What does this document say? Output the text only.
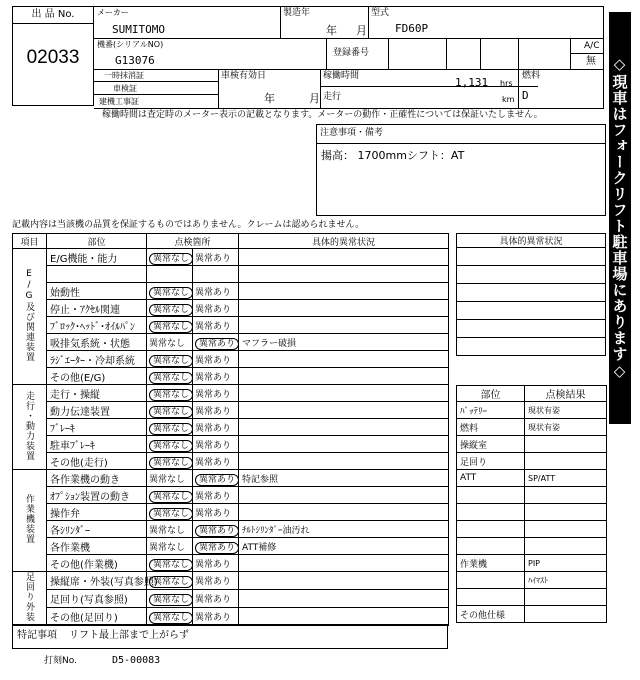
出 品 No.
02033
メーカー
SUMITOMO
製造年
年 月
型式
FD60P
機番(シリアルNO)
G13076
登録番号
A/C
無
一時抹消証
車検証
建機工事証
車検有効日
年	月
稼働時間	1,131 hrs
走行	km
燃料
D
稼働時間は査定時のメーター表示の記載となります。メーターの動作・正確性については保証いたしません。
注意事項・備考
揚高： 1700mmシフト：AT
記載内容は当該機の品質を保証するものではありません。クレームは認められません。	◇現車はフォークリフト駐車場にあります◇
項目	部位	点検箇所		具体的異常状況
E/G及び関連装置	E/G機能・能力	異常なし	異常あり	

	始動性	異常なし	異常あり	
	停止・ｱｸｾﾙ関連	異常なし	異常あり	
	ﾌﾞﾛｯｸ･ﾍｯﾄﾞ･ｵｲﾙﾊﾟﾝ	異常なし	異常あり	
	吸排気系統・状態	異常なし	異常あり	マフラー破損
	ﾗｼﾞｴｰﾀｰ・冷却系統	異常なし	異常あり	
	その他(E/G)	異常なし	異常あり	
走行・動力装置	走行・操縦	異常なし	異常あり	
	動力伝達装置	異常なし	異常あり	
	ﾌﾞﾚｰｷ	異常なし	異常あり	
	駐車ﾌﾞﾚｰｷ	異常なし	異常あり	
	その他(走行)	異常なし	異常あり	
作業機装置	各作業機の動き	異常なし	異常あり	特記参照
	ｵﾌﾟｼｮﾝ装置の動き	異常なし	異常あり	
	操作弁	異常なし	異常あり	
	各ｼﾘﾝﾀﾞｰ	異常なし	異常あり	ﾁﾙﾄｼﾘﾝﾀﾞｰ油汚れ
	各作業機	異常なし	異常あり	ATT補修
	その他(作業機)	異常なし	異常あり	
足回り外装	操縦席・外装(写真参照)	異常なし	異常あり	
	足回り(写真参照)	異常なし	異常あり	
	その他(足回り)	異常なし	異常あり	
特記事項 リフト最上部まで上がらず
打刻No.	D5-00083
具体的異常状況

部位	点検結果
ﾊﾞｯﾃﾘｰ	現状有姿
燃料	現状有姿
操縦室	
足回り	
ATT	SP/ATT

作業機	PIP
	ﾊｲﾏｽﾄ

その他仕様	
